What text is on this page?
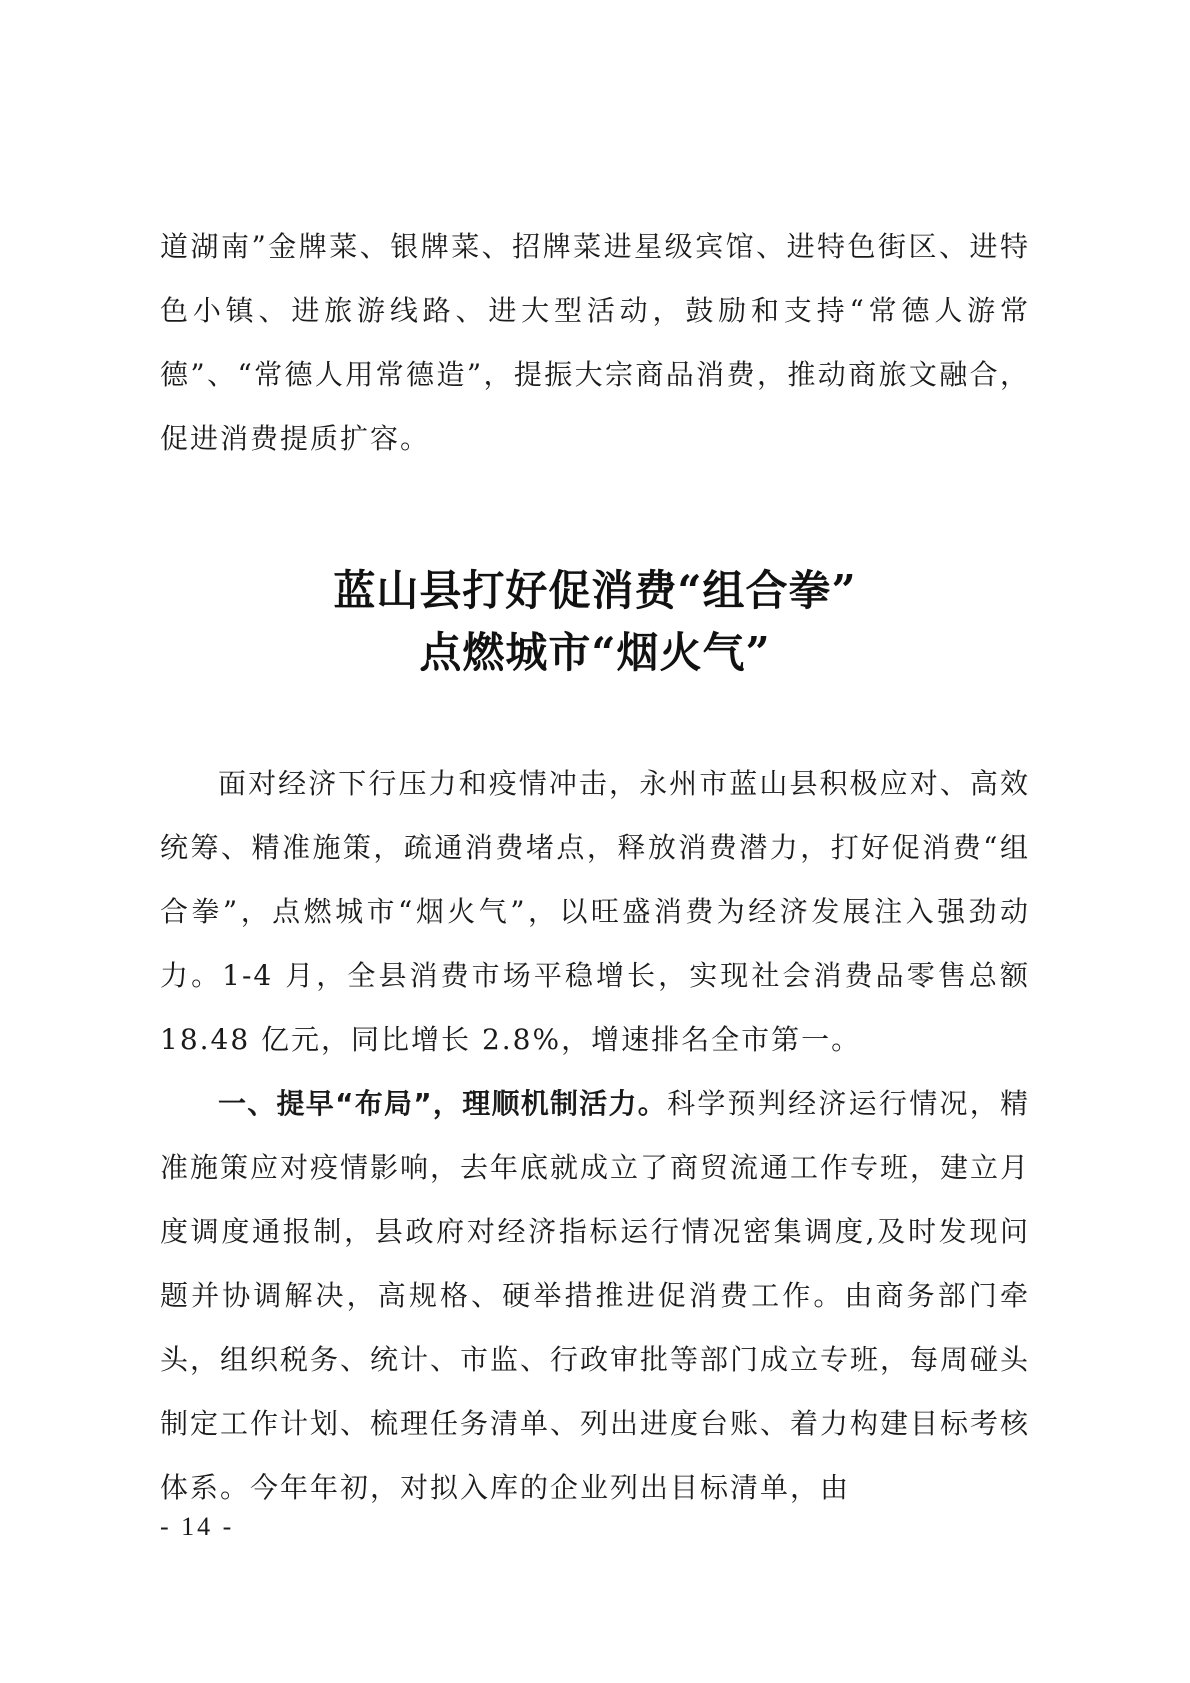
道湖南”金牌菜、银牌菜、招牌菜进星级宾馆、进特色街区、进特色小镇、进旅游线路、进大型活动，鼓励和支持“常德人游常德”、“常德人用常德造”，提振大宗商品消费，推动商旅文融合，促进消费提质扩容。

蓝山县打好促消费“组合拳”
点燃城市“烟火气”

面对经济下行压力和疫情冲击，永州市蓝山县积极应对、高效统筹、精准施策，疏通消费堵点，释放消费潜力，打好促消费“组合拳”，点燃城市“烟火气”，以旺盛消费为经济发展注入强劲动力。1-4 月，全县消费市场平稳增长，实现社会消费品零售总额 18.48 亿元，同比增长 2.8%，增速排名全市第一。

一、提早“布局”，理顺机制活力。科学预判经济运行情况，精准施策应对疫情影响，去年底就成立了商贸流通工作专班，建立月度调度通报制，县政府对经济指标运行情况密集调度,及时发现问题并协调解决，高规格、硬举措推进促消费工作。由商务部门牵头，组织税务、统计、市监、行政审批等部门成立专班，每周碰头制定工作计划、梳理任务清单、列出进度台账、着力构建目标考核体系。今年年初，对拟入库的企业列出目标清单，由

- 14 -
